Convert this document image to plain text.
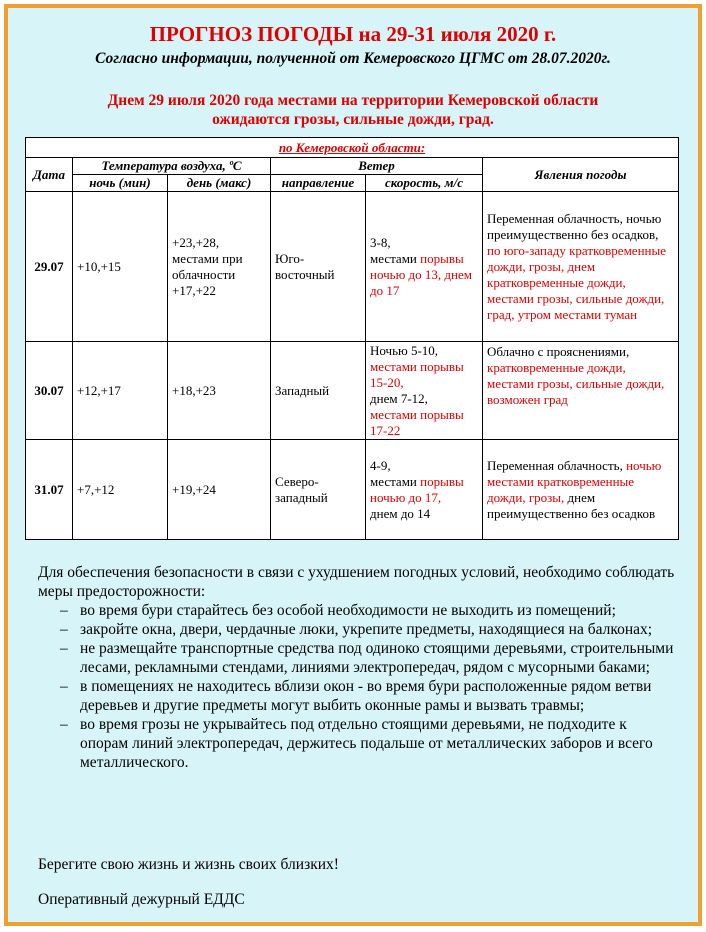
ПРОГНОЗ ПОГОДЫ на 29-31 июля 2020 г.
Согласно информации, полученной от Кемеровского ЦГМС от 28.07.2020г.
Днем 29 июля 2020 года местами на территории Кемеровской области
ожидаются грозы, сильные дожди, град.
по Кемеровской области:					
Дата	Температура воздуха, ºС		Ветер		Явления погоды
	ночь (мин)	день (макс)	направление	скорость, м/с	
29.07	+10,+15	+23,+28, местами при облачности +17,+22	Юго-восточный	3-8,
местами порывы ночью до 13, днем до 17	Переменная облачность, ночью преимущественно без осадков, по юго-западу кратковременные дожди, грозы, днем кратковременные дожди, местами грозы, сильные дожди, град, утром местами туман
30.07	+12,+17	+18,+23	Западный	Ночью 5-10,
местами порывы 15-20,
днем 7-12,
местами порывы 17-22	Облачно с прояснениями, кратковременные дожди, местами грозы, сильные дожди, возможен град
31.07	+7,+12	+19,+24	Северо-западный	4-9,
местами порывы ночью до 17,
днем до 14	Переменная облачность, ночью местами кратковременные дожди, грозы, днем преимущественно без осадков

Для обеспечения безопасности в связи с ухудшением погодных условий, необходимо соблюдать меры предосторожности:

– во время бури старайтесь без особой необходимости не выходить из помещений;
– закройте окна, двери, чердачные люки, укрепите предметы, находящиеся на балконах;
– не размещайте транспортные средства под одиноко стоящими деревьями, строительными лесами, рекламными стендами, линиями электропередач, рядом с мусорными баками;
– в помещениях не находитесь вблизи окон - во время бури расположенные рядом ветви деревьев и другие предметы могут выбить оконные рамы и вызвать травмы;
– во время грозы не укрывайтесь под отдельно стоящими деревьями, не подходите к опорам линий электропередач, держитесь подальше от металлических заборов и всего металлического.
Берегите свою жизнь и жизнь своих близких!
Оперативный дежурный ЕДДС
